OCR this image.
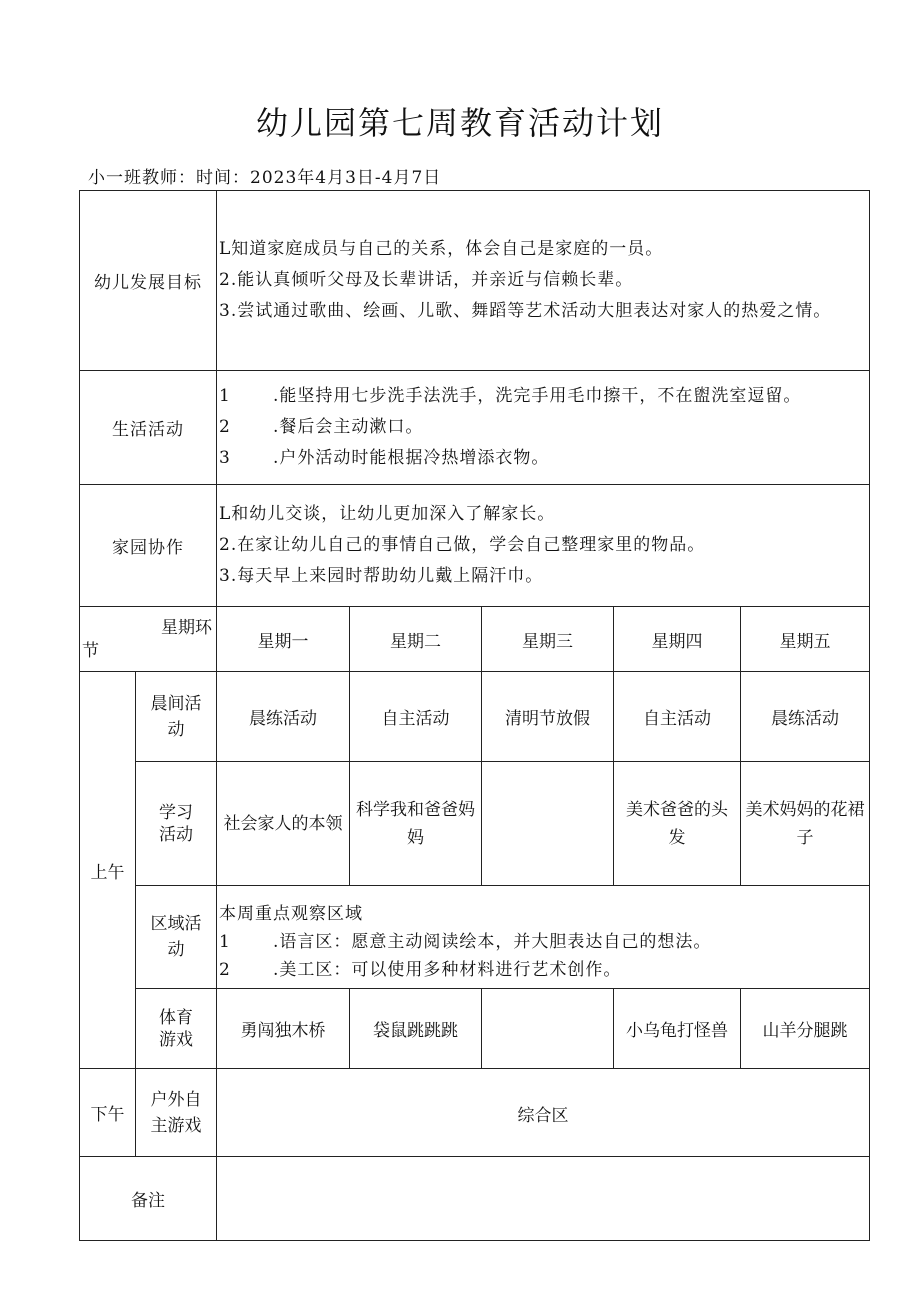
幼儿园第七周教育活动计划
小一班教师：时间：2023年4月3日-4月7日
幼儿发展目标		L知道家庭成员与自己的关系，体会自己是家庭的一员。
2.能认真倾听父母及长辈讲话，并亲近与信赖长辈。
3.尝试通过歌曲、绘画、儿歌、舞蹈等艺术活动大胆表达对家人的热爱之情。				

生活活动		1 .能坚持用七步洗手法洗手，洗完手用毛巾擦干，不在盥洗室逗留。
2 .餐后会主动漱口。
3 .户外活动时能根据冷热增添衣物。				

家园协作		L和幼儿交谈，让幼儿更加深入了解家长。
2.在家让幼儿自己的事情自己做，学会自己整理家里的物品。
3.每天早上来园时帮助幼儿戴上隔汗巾。				

星期环
节		星期一	星期二	星期三	星期四	星期五
上午	晨间活动	晨练活动	自主活动	清明节放假	自主活动	晨练活动
	学习活动	社会家人的本领	科学我和爸爸妈妈		美术爸爸的头发	美术妈妈的花裙子

	区域活动	本周重点观察区域
1 .语言区：愿意主动阅读绘本，并大胆表达自己的想法。
2 .美工区：可以使用多种材料进行艺术创作。				

	体育游戏	勇闯独木桥	袋鼠跳跳跳		小乌龟打怪兽	山羊分腿跳
下午	户外自主游戏	综合区				
备注						
